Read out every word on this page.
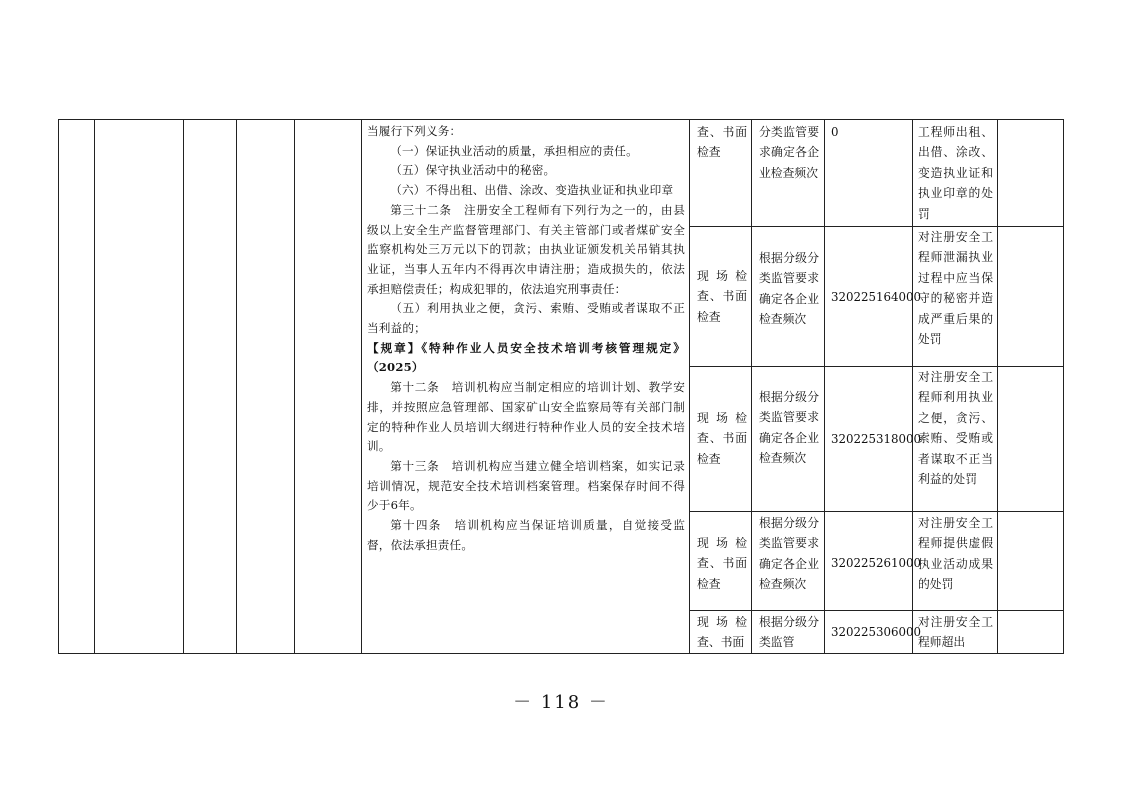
当履行下列义务：

（一）保证执业活动的质量，承担相应的责任。

（五）保守执业活动中的秘密。

（六）不得出租、出借、涂改、变造执业证和执业印章

第三十二条　注册安全工程师有下列行为之一的，由县级以上安全生产监督管理部门、有关主管部门或者煤矿安全监察机构处三万元以下的罚款；由执业证颁发机关吊销其执业证，当事人五年内不得再次申请注册；造成损失的，依法承担赔偿责任；构成犯罪的，依法追究刑事责任：

（五）利用执业之便，贪污、索贿、受贿或者谋取不正当利益的；

【规章】《特种作业人员安全技术培训考核管理规定》（2025）

第十二条　培训机构应当制定相应的培训计划、教学安排，并按照应急管理部、国家矿山安全监察局等有关部门制定的特种作业人员培训大纲进行特种作业人员的安全技术培训。

第十三条　培训机构应当建立健全培训档案，如实记录培训情况，规范安全技术培训档案管理。档案保存时间不得少于6年。

第十四条　培训机构应当保证培训质量，自觉接受监督，依法承担责任。

查、书面检查
分类监管要求确定各企业检查频次
0	工程师出租、出借、涂改、变造执业证和执业印章的处罚
现场检查、书面检查
根据分级分类监管要求确定各企业检查频次
320225164000
对注册安全工程师泄漏执业过程中应当保守的秘密并造成严重后果的处罚
现场检查、书面检查
根据分级分类监管要求确定各企业检查频次
320225318000
对注册安全工程师利用执业之便，贪污、索贿、受贿或者谋取不正当利益的处罚
现场检查、书面检查
根据分级分类监管要求确定各企业检查频次
320225261000
对注册安全工程师提供虚假执业活动成果的处罚
现场检查、书面
根据分级分类监管
320225306000
对注册安全工程师超出
－ 118 －
